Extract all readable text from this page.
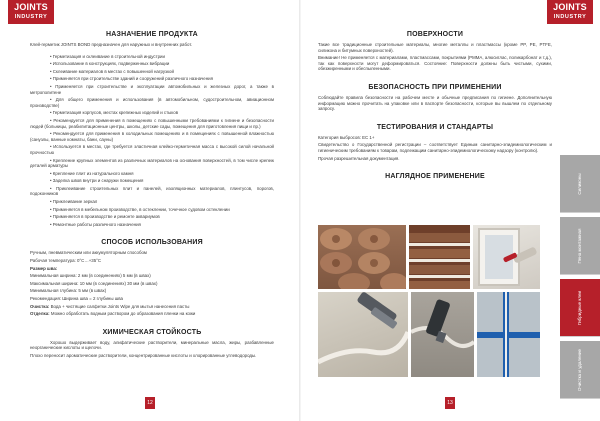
JOINTS
INDUSTRY
JOINTS
INDUSTRY
НАЗНАЧЕНИЕ ПРОДУКТА

Клей-герметик JOINTS BOND предназначен для наружных и внутренних работ.

• Герметизация и склеивание в строительной индустрии

• Использование в конструкциях, подверженных вибрации

• Склеивание материалов в местах с повышенной нагрузкой

• Применяется при строительстве зданий и сооружений различного назначения

• Применяется при строительстве и эксплуатации автомобильных и железных дорог, а также в метрополитене

• Для общего применения и использования (в автомобильном, судостроительном, авиационном производстве)

• Герметизация корпусов, местах крепежных изделий и стыков

• Рекомендуется для применения в помещениях с повышенными требованиями к гигиене и безопасности людей (больницы, реабилитационные центры, школы, детские сады, помещения для приготовления пищи и пр.)

• Рекомендуется для применения в холодильных помещениях и в помещениях с повышенной влажностью (санузлы, ванные комнаты, бани, сауны)

• Используется в местах, где требуется эластичная клейко-герметичная масса с высокой силой начальной прочностью

• Крепление крупных элементов из различных материалов на основания поверхностей, в том числе крепеж деталей арматуры

• Крепление плит из натурального камня

• Заделка швов внутри и снаружи помещения

• Приклеивание строительных плит и панелей, изоляционных материалов, плинтусов, порогов, подоконников

• Приклеивание зеркал

• Применяется в мебельном производстве, в остеклении, точечное судовом остеклении

• Применяется в производстве и ремонте аквариумов

• Ремонтные работы различного назначения

СПОСОБ ИСПОЛЬЗОВАНИЯ

Ручным, пневматическим или аккумуляторным способом

Рабочая температура: 0°C…+35°C

Размер шва:

Минимальная ширина: 2 мм (в соединениях) 5 мм (в швах)

Максимальная ширина: 10 мм (в соединениях) 30 мм (в швах)

Минимальная глубина: 5 мм (в швах)

Рекомендация: Ширина шва = 2 глубины шва

Очистка: Вода + чистящие салфетки Joints Wipe для мытья нанесения пасты

Отделка: Можно обработать водным раствором до образования пленки на кожи

ХИМИЧЕСКАЯ СТОЙКОСТЬ

Хорошо выдерживает воду, алифатические растворители, минеральные масла, жиры, разбавленные неорганические кислоты и щелочи.

Плохо переносит ароматические растворители, концентрированные кислоты и хлорированные углеводороды.

12
ПОВЕРХНОСТИ

Такие все традиционные строительные материалы, многие металлы и пластмассы (кроме PP, PE, PTFE, силикона и битумных поверхностей).

Внимание! Не применяется с материалами, пластмассами, покрытиями (PMMA, алюсиглас, поликарбонат и т.д.), так как поверхности могут деформироваться. Состояние: Поверхности должны быть чистыми, сухими, обезжиренными и обеспыленными.

БЕЗОПАСНОСТЬ ПРИ ПРИМЕНЕНИИ

Соблюдайте правила безопасности на рабочем месте и обычные предписания по гигиене. Дополнительную информацию можно прочитать на упаковке или в паспорте безопасности, которые вы вышлем по отдельному запросу.

ТЕСТИРОВАНИЯ И СТАНДАРТЫ

Категория выбросов: EC 1+

Свидетельство о Государственной регистрации – соответствует Единым санитарно-эпидемиологическим и гигиеническим требованиям к товарам, подлежащим санитарно-эпидемиологическому надзору (контролю).

Прочая разрешительная документация.

НАГЛЯДНОЕ ПРИМЕНЕНИЕ
13
Силиконы
Пена монтажная
Гибридные клеи
Очистка и удаление
